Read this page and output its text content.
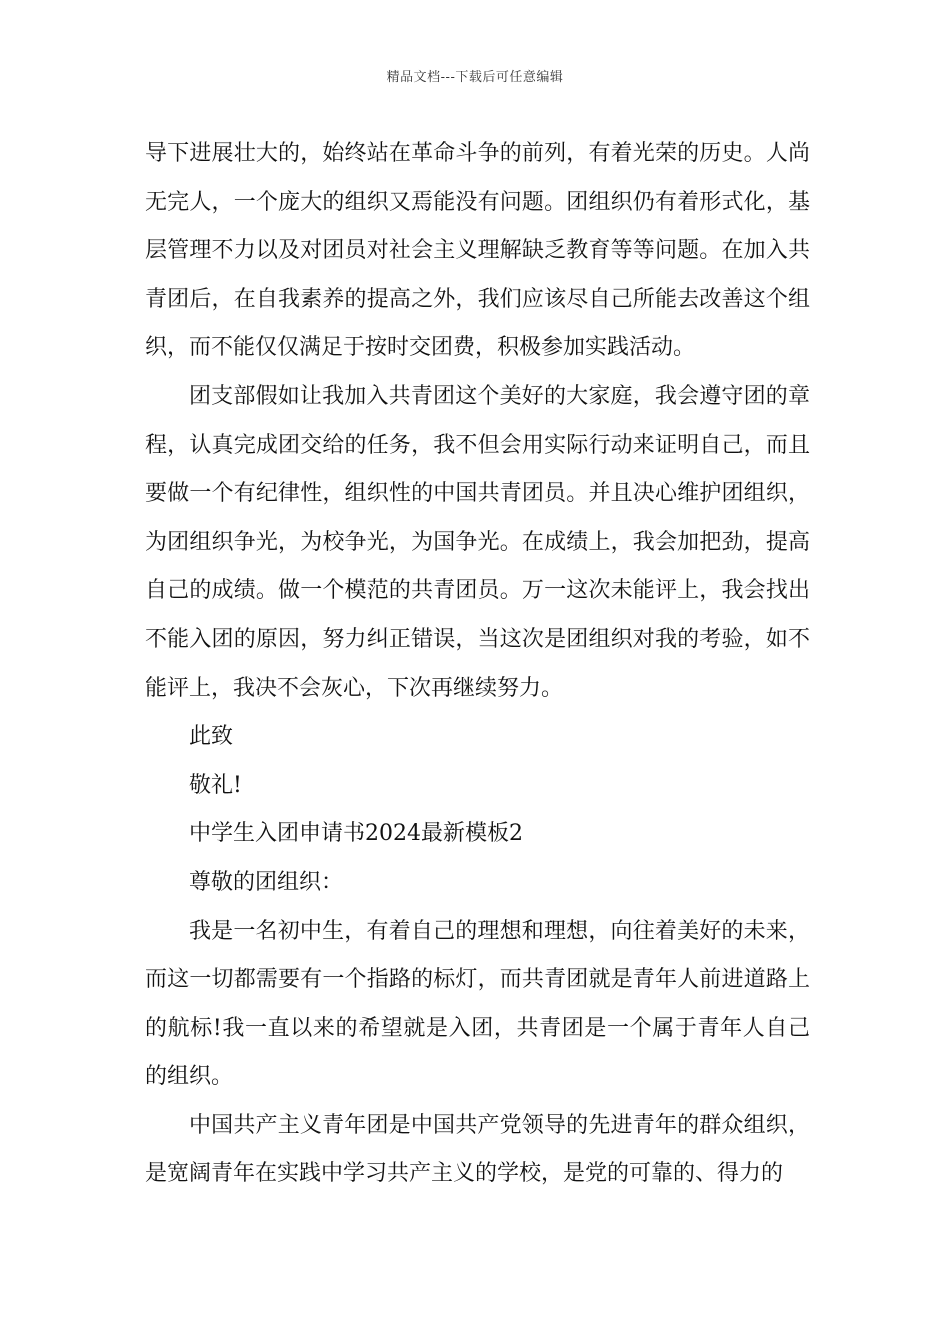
精品文档---下载后可任意编辑

导下进展壮大的，始终站在革命斗争的前列，有着光荣的历史。人尚无完人，一个庞大的组织又焉能没有问题。团组织仍有着形式化，基层管理不力以及对团员对社会主义理解缺乏教育等等问题。在加入共青团后，在自我素养的提高之外，我们应该尽自己所能去改善这个组织，而不能仅仅满足于按时交团费，积极参加实践活动。

团支部假如让我加入共青团这个美好的大家庭，我会遵守团的章程，认真完成团交给的任务，我不但会用实际行动来证明自己，而且要做一个有纪律性，组织性的中国共青团员。并且决心维护团组织，为团组织争光，为校争光，为国争光。在成绩上，我会加把劲，提高自己的成绩。做一个模范的共青团员。万一这次未能评上，我会找出不能入团的原因，努力纠正错误，当这次是团组织对我的考验，如不能评上，我决不会灰心，下次再继续努力。

此致

敬礼!

中学生入团申请书2024最新模板2

尊敬的团组织：

我是一名初中生，有着自己的理想和理想，向往着美好的未来，而这一切都需要有一个指路的标灯，而共青团就是青年人前进道路上的航标!我一直以来的希望就是入团，共青团是一个属于青年人自己的组织。

中国共产主义青年团是中国共产党领导的先进青年的群众组织，是宽阔青年在实践中学习共产主义的学校，是党的可靠的、得力的
